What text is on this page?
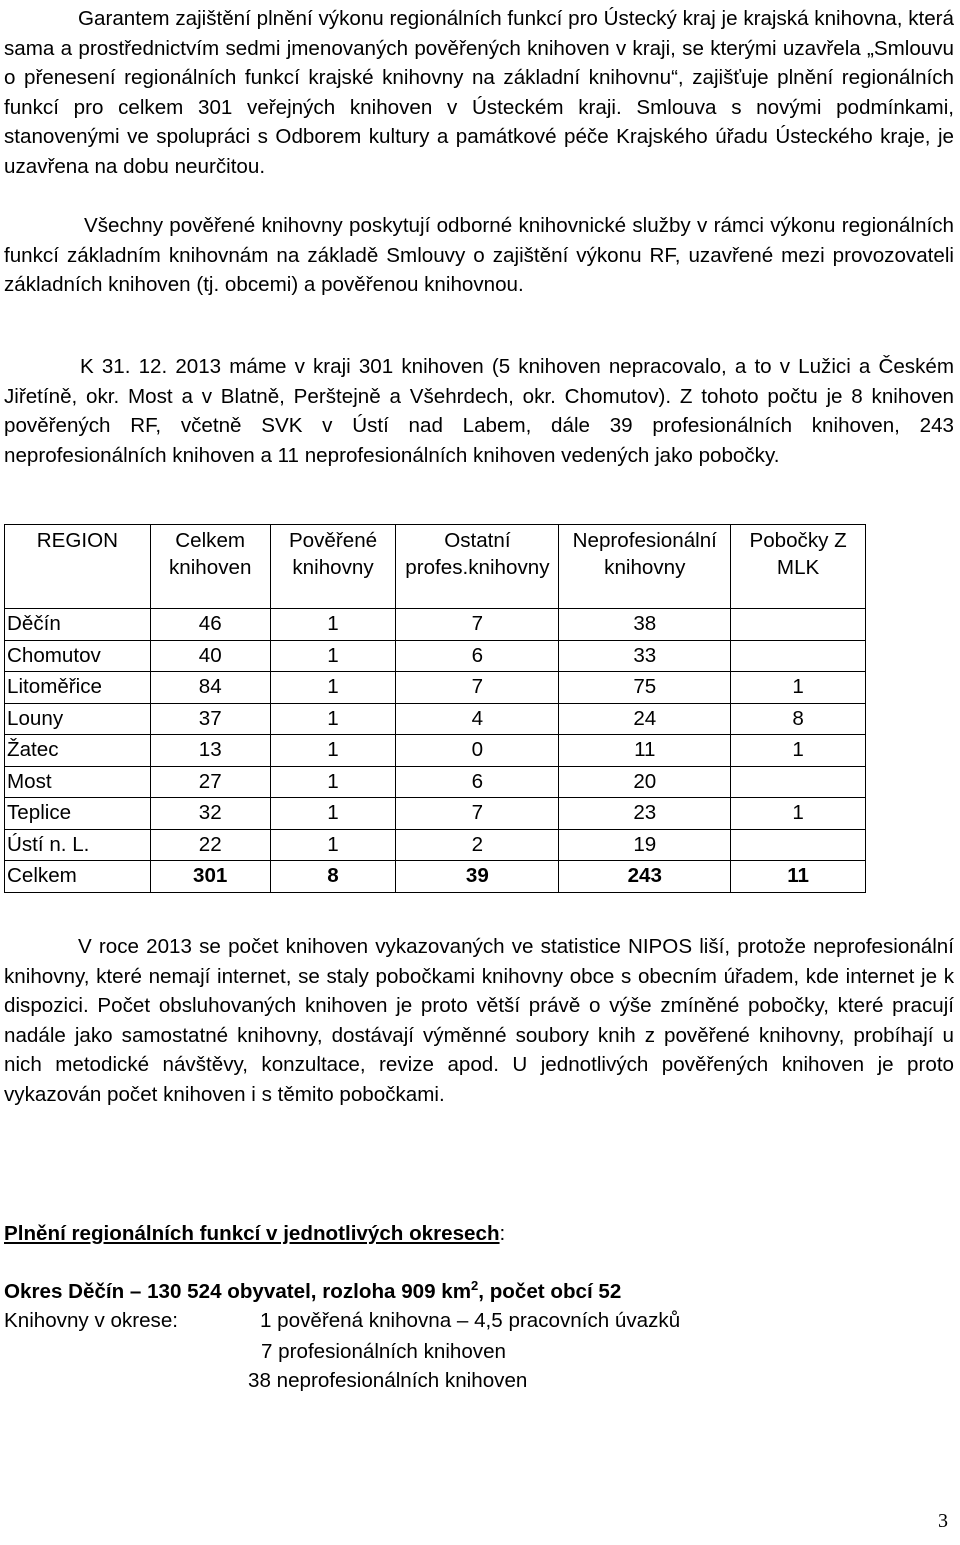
Garantem zajištění plnění výkonu regionálních funkcí pro Ústecký kraj je krajská knihovna, která sama a prostřednictvím sedmi jmenovaných pověřených knihoven v kraji, se kterými uzavřela „Smlouvu o přenesení regionálních funkcí krajské knihovny na základní knihovnu“, zajišťuje plnění regionálních funkcí pro celkem 301 veřejných knihoven v Ústeckém kraji. Smlouva s novými podmínkami, stanovenými ve spolupráci s Odborem kultury a památkové péče Krajského úřadu Ústeckého kraje, je uzavřena na dobu neurčitou.

Všechny pověřené knihovny poskytují odborné knihovnické služby v rámci výkonu regionálních funkcí základním knihovnám na základě Smlouvy o zajištění výkonu RF, uzavřené mezi provozovateli základních knihoven (tj. obcemi) a pověřenou knihovnou.

K 31. 12. 2013 máme v kraji 301 knihoven (5 knihoven nepracovalo, a to v Lužici a Českém Jiřetíně, okr. Most a v Blatně, Perštejně a Všehrdech, okr. Chomutov). Z tohoto počtu je 8 knihoven pověřených RF, včetně SVK v Ústí nad Labem, dále 39 profesionálních knihoven, 243 neprofesionálních knihoven a 11 neprofesionálních knihoven vedených jako pobočky.

REGION	Celkem knihoven	Pověřené knihovny	Ostatní profes.knihovny	Neprofesionální knihovny	Pobočky Z MLK
Děčín	46	1	7	38	
Chomutov	40	1	6	33	
Litoměřice	84	1	7	75	1
Louny	37	1	4	24	8
Žatec	13	1	0	11	1
Most	27	1	6	20	
Teplice	32	1	7	23	1
Ústí n. L.	22	1	2	19	
Celkem	301	8	39	243	11

V roce 2013 se počet knihoven vykazovaných ve statistice NIPOS liší, protože neprofesionální knihovny, které nemají internet, se staly pobočkami knihovny obce s obecním úřadem, kde internet je k dispozici. Počet obsluhovaných knihoven je proto větší právě o výše zmíněné pobočky, které pracují nadále jako samostatné knihovny, dostávají výměnné soubory knih z pověřené knihovny, probíhají u nich metodické návštěvy, konzultace, revize apod. U jednotlivých pověřených knihoven je proto vykazován počet knihoven i s těmito pobočkami.

Plnění regionálních funkcí v jednotlivých okresech:
Okres Děčín – 130 524 obyvatel, rozloha 909 $km^2$, počet obcí 52
Knihovny v okrese:	1 pověřená knihovna – 4,5 pracovních úvazků
7 profesionálních knihoven
38 neprofesionálních knihoven
3
